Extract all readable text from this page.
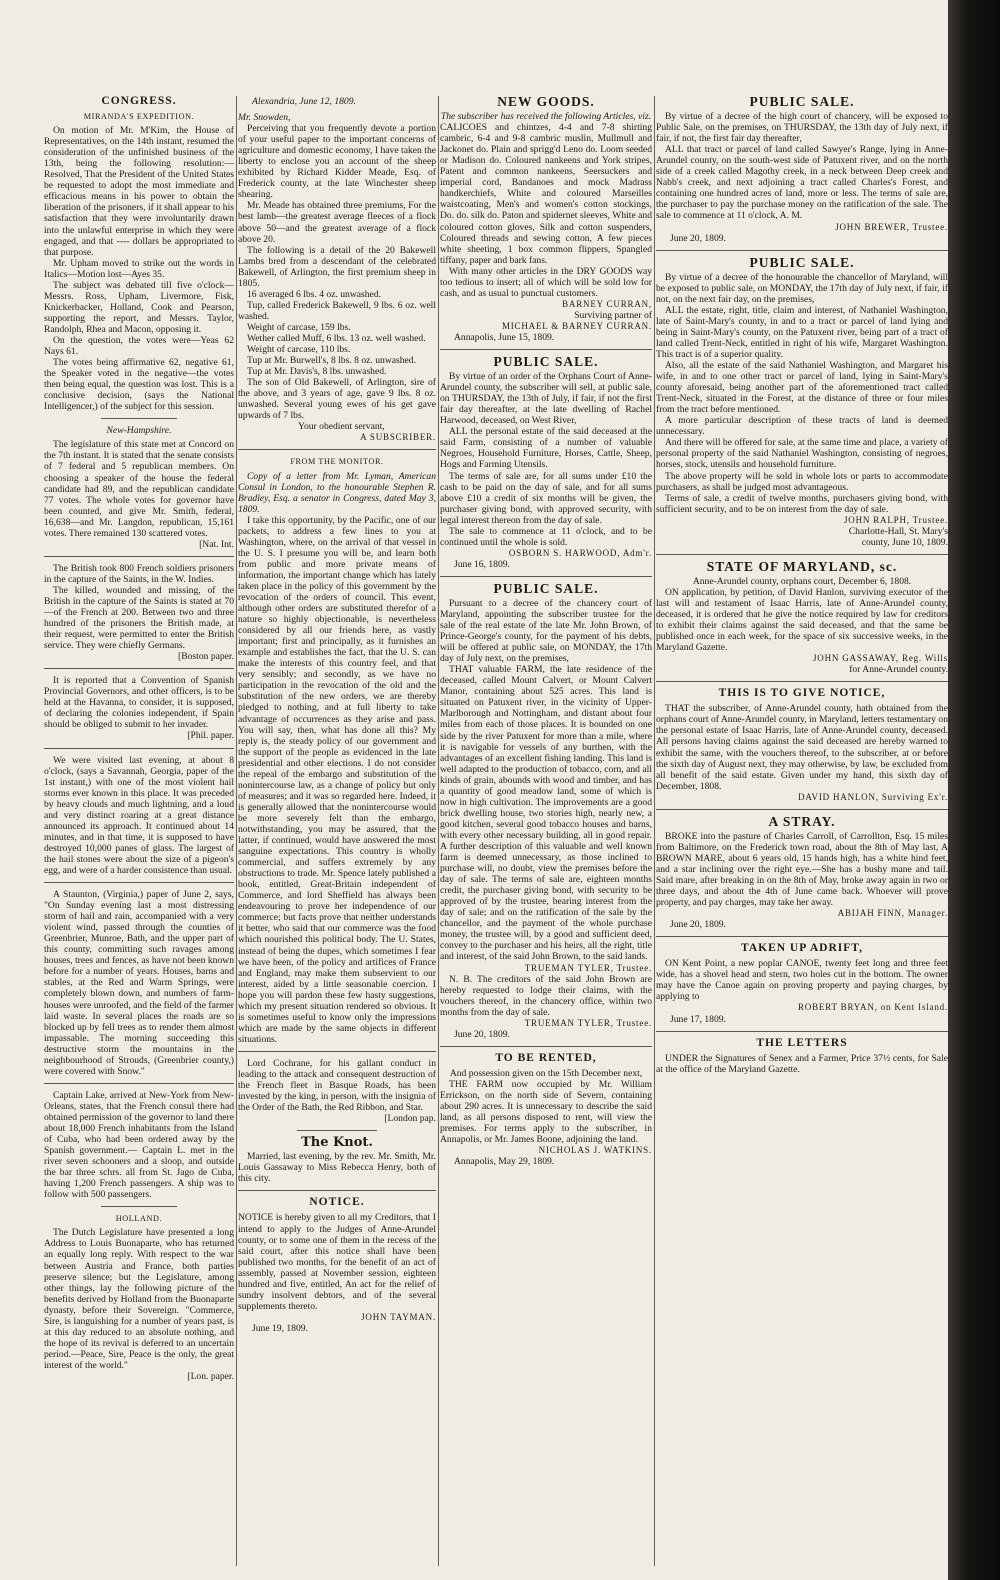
CONGRESS.
MIRANDA'S EXPEDITION.

On motion of Mr. M'Kim, the House of Representatives, on the 14th instant, resumed the consideration of the unfinished business of the 13th, being the following resolution:— Resolved, That the President of the United States be requested to adopt the most immediate and efficacious means in his power to obtain the liberation of the prisoners, if it shall appear to his satisfaction that they were involuntarily drawn into the unlawful enterprise in which they were engaged, and that ---- dollars be appropriated to that purpose.

Mr. Upham moved to strike out the words in Italics—Motion lost—Ayes 35.

The subject was debated till five o'clock—Messrs. Ross, Upham, Livermore, Fisk, Knickerbacker, Holland, Cook and Pearson, supporting the report, and Messrs. Taylor, Randolph, Rhea and Macon, opposing it.

On the question, the votes were—Yeas 62 Nays 61.

The votes being affirmative 62, negative 61, the Speaker voted in the negative—the votes then being equal, the question was lost. This is a conclusive decision, (says the National Intelligencer,) of the subject for this session.

New-Hampshire.

The legislature of this state met at Concord on the 7th instant. It is stated that the senate consists of 7 federal and 5 republican members. On choosing a speaker of the house the federal candidate had 89, and the republican candidate 77 votes. The whole votes for governor have been counted, and give Mr. Smith, federal, 16,638—and Mr. Langdon, republican, 15,161 votes. There remained 130 scattered votes.

[Nat. Int.

The British took 800 French soldiers prisoners in the capture of the Saints, in the W. Indies.

The killed, wounded and missing, of the British in the capture of the Saints is stated at 70—of the French at 200. Between two and three hundred of the prisoners the British made, at their request, were permitted to enter the British service. They were chiefly Germans.

[Boston paper.

It is reported that a Convention of Spanish Provincial Governors, and other officers, is to be held at the Havanna, to consider, it is supposed, of declaring the colonies independent, if Spain should be obliged to submit to her invader.

[Phil. paper.

We were visited last evening, at about 8 o'clock, (says a Savannah, Georgia, paper of the 1st instant,) with one of the most violent hail storms ever known in this place. It was preceded by heavy clouds and much lightning, and a loud and very distinct roaring at a great distance announced its approach. It continued about 14 minutes, and in that time, it is supposed to have destroyed 10,000 panes of glass. The largest of the hail stones were about the size of a pigeon's egg, and were of a harder consistence than usual.

A Staunton, (Virginia,) paper of June 2, says, "On Sunday evening last a most distressing storm of hail and rain, accompanied with a very violent wind, passed through the counties of Greenbrier, Munroe, Bath, and the upper part of this county, committing such ravages among houses, trees and fences, as have not been known before for a number of years. Houses, barns and stables, at the Red and Warm Springs, were completely blown down, and numbers of farm-houses were unroofed, and the field of the farmer laid waste. In several places the roads are so blocked up by fell trees as to render them almost impassable. The morning succeeding this destructive storm the mountains in the neighbourhood of Strouds, (Greenbrier county,) were covered with Snow."

Captain Lake, arrived at New-York from New-Orleans, states, that the French consul there had obtained permission of the governor to land there about 18,000 French inhabitants from the Island of Cuba, who had been ordered away by the Spanish government.— Captain L. met in the river seven schooners and a sloop, and outside the bar three schrs. all from St. Jago de Cuba, having 1,200 French passengers. A ship was to follow with 500 passengers.

HOLLAND.

The Dutch Legislature have presented a long Address to Louis Buonaparte, who has returned an equally long reply. With respect to the war between Austria and France, both parties preserve silence; but the Legislature, among other things, lay the following picture of the benefits derived by Holland from the Buonaparte dynasty, before their Sovereign. "Commerce, Sire, is languishing for a number of years past, is at this day reduced to an absolute nothing, and the hope of its revival is deferred to an uncertain period.—Peace, Sire, Peace is the only, the great interest of the world."

[Lon. paper.

Alexandria, June 12, 1809.

Mr. Snowden,

Perceiving that you frequently devote a portion of your useful paper to the important concerns of agriculture and domestic economy, I have taken the liberty to enclose you an account of the sheep exhibited by Richard Kidder Meade, Esq. of Frederick county, at the late Winchester sheep shearing.

Mr. Meade has obtained three premiums, For the best lamb—the greatest average fleeces of a flock above 50—and the greatest average of a flock above 20.

The following is a detail of the 20 Bakewell Lambs bred from a descendant of the celebrated Bakewell, of Arlington, the first premium sheep in 1805.

16 averaged 6 lbs. 4 oz. unwashed.

Tup, called Frederick Bakewell, 9 lbs. 6 oz. well washed.

Weight of carcase, 159 lbs.

Wether called Muff, 6 lbs. 13 oz. well washed.

Weight of carcase, 110 lbs.

Tup at Mr. Burwell's, 8 lbs. 8 oz. unwashed.

Tup at Mr. Davis's, 8 lbs. unwashed.

The son of Old Bakewell, of Arlington, sire of the above, and 3 years of age, gave 9 lbs. 8 oz. unwashed. Several young ewes of his get gave upwards of 7 lbs.

Your obedient servant,

A SUBSCRIBER.

FROM THE MONITOR.

Copy of a letter from Mr. Lyman, American Consul in London, to the honourable Stephen R. Bradley, Esq. a senator in Congress, dated May 3, 1809.

I take this opportunity, by the Pacific, one of our packets, to address a few lines to you at Washington, where, on the arrival of that vessel in the U. S. I presume you will be, and learn both from public and more private means of information, the important change which has lately taken place in the policy of this government by the revocation of the orders of council. This event, although other orders are substituted therefor of a nature so highly objectionable, is nevertheless considered by all our friends here, as vastly important; first and principally, as it furnishes an example and establishes the fact, that the U. S. can make the interests of this country feel, and that very sensibly; and secondly, as we have no participation in the revocation of the old and the substitution of the new orders, we are thereby pledged to nothing, and at full liberty to take advantage of occurrences as they arise and pass. You will say, then, what has done all this? My reply is, the steady policy of our government and the support of the people as evidenced in the late presidential and other elections. I do not consider the repeal of the embargo and substitution of the nonintercourse law, as a change of policy but only of measures; and it was so regarded here. Indeed, it is generally allowed that the nonintercourse would be more severely felt than the embargo, notwithstanding, you may be assured, that the latter, if continued, would have answered the most sanguine expectations. This country is wholly commercial, and suffers extremely by any obstructions to trade. Mr. Spence lately published a book, entitled, Great-Britain independent of Commerce, and lord Sheffield has always been endeavouring to prove her independence of our commerce; but facts prove that neither understands it better, who said that our commerce was the food which nourished this political body. The U. States, instead of being the dupes, which sometimes I fear we have been, of the policy and artifices of France and England, may make them subservient to our interest, aided by a little seasonable coercion. I hope you will pardon these few hasty suggestions, which my present situation rendered so obvious. It is sometimes useful to know only the impressions which are made by the same objects in different situations.

Lord Cochrane, for his gallant conduct in leading to the attack and consequent destruction of the French fleet in Basque Roads, has been invested by the king, in person, with the insignia of the Order of the Bath, the Red Ribbon, and Star.

[London pap.

The Knot.

Married, last evening, by the rev. Mr. Smith, Mr. Louis Gassaway to Miss Rebecca Henry, both of this city.

NOTICE.

NOTICE is hereby given to all my Creditors, that I intend to apply to the Judges of Anne-Arundel county, or to some one of them in the recess of the said court, after this notice shall have been published two months, for the benefit of an act of assembly, passed at November session, eighteen hundred and five, entitled, An act for the relief of sundry insolvent debtors, and of the several supplements thereto.

JOHN TAYMAN.

June 19, 1809.

NEW GOODS.

The subscriber has received the following Articles, viz.

CALICOES and chintzes, 4-4 and 7-8 shirting cambric, 6-4 and 9-8 cambric muslin, Mullmull and Jackonet do. Plain and sprigg'd Leno do. Loom seeded or Madison do. Coloured nankeens and York stripes, Patent and common nankeens, Seersuckers and imperial cord, Bandanoes and mock Madrass handkerchiefs, White and coloured Marseilles waistcoating, Men's and women's cotton stockings, Do. do. silk do. Paton and spidernet sleeves, White and coloured cotton gloves, Silk and cotton suspenders, Coloured threads and sewing cotton, A few pieces white sheeting, 1 box common flippers, Spangled tiffany, paper and bark fans.

With many other articles in the DRY GOODS way too tedious to insert; all of which will be sold low for cash, and as usual to punctual customers.

BARNEY CURRAN,

Surviving partner of

MICHAEL & BARNEY CURRAN.

Annapolis, June 15, 1809.

PUBLIC SALE.

By virtue of an order of the Orphans Court of Anne-Arundel county, the subscriber will sell, at public sale, on THURSDAY, the 13th of July, if fair, if not the first fair day thereafter, at the late dwelling of Rachel Harwood, deceased, on West River,

ALL the personal estate of the said deceased at the said Farm, consisting of a number of valuable Negroes, Household Furniture, Horses, Cattle, Sheep, Hogs and Farming Utensils.

The terms of sale are, for all sums under £10 the cash to be paid on the day of sale, and for all sums above £10 a credit of six months will be given, the purchaser giving bond, with approved security, with legal interest thereon from the day of sale.

The sale to commence at 11 o'clock, and to be continued until the whole is sold.

OSBORN S. HARWOOD, Adm'r.

June 16, 1809.

PUBLIC SALE.

Pursuant to a decree of the chancery court of Maryland, appointing the subscriber trustee for the sale of the real estate of the late Mr. John Brown, of Prince-George's county, for the payment of his debts, will be offered at public sale, on MONDAY, the 17th day of July next, on the premises,

THAT valuable FARM, the late residence of the deceased, called Mount Calvert, or Mount Calvert Manor, containing about 525 acres. This land is situated on Patuxent river, in the vicinity of Upper-Marlborough and Nottingham, and distant about four miles from each of those places. It is bounded on one side by the river Patuxent for more than a mile, where it is navigable for vessels of any burthen, with the advantages of an excellent fishing landing. This land is well adapted to the production of tobacco, corn, and all kinds of grain, abounds with wood and timber, and has a quantity of good meadow land, some of which is now in high cultivation. The improvements are a good brick dwelling house, two stories high, nearly new, a good kitchen, several good tobacco houses and barns, with every other necessary building, all in good repair. A further description of this valuable and well known farm is deemed unnecessary, as those inclined to purchase will, no doubt, view the premises before the day of sale. The terms of sale are, eighteen months credit, the purchaser giving bond, with security to be approved of by the trustee, bearing interest from the day of sale; and on the ratification of the sale by the chancellor, and the payment of the whole purchase money, the trustee will, by a good and sufficient deed, convey to the purchaser and his heirs, all the right, title and interest, of the said John Brown, to the said lands.

TRUEMAN TYLER, Trustee.

N. B. The creditors of the said John Brown are hereby requested to lodge their claims, with the vouchers thereof, in the chancery office, within two months from the day of sale.

TRUEMAN TYLER, Trustee.

June 20, 1809.

TO BE RENTED,

And possession given on the 15th December next,

THE FARM now occupied by Mr. William Errickson, on the north side of Severn, containing about 290 acres. It is unnecessary to describe the said land, as all persons disposed to rent, will view the premises. For terms apply to the subscriber, in Annapolis, or Mr. James Boone, adjoining the land.

NICHOLAS J. WATKINS.

Annapolis, May 29, 1809.

PUBLIC SALE.

By virtue of a decree of the high court of chancery, will be exposed to Public Sale, on the premises, on THURSDAY, the 13th day of July next, if fair, if not, the first fair day thereafter,

ALL that tract or parcel of land called Sawyer's Range, lying in Anne-Arundel county, on the south-west side of Patuxent river, and on the north side of a creek called Magothy creek, in a neck between Deep creek and Nabb's creek, and next adjoining a tract called Charles's Forest, and containing one hundred acres of land, more or less. The terms of sale are, the purchaser to pay the purchase money on the ratification of the sale. The sale to commence at 11 o'clock, A. M.

JOHN BREWER, Trustee.

June 20, 1809.

PUBLIC SALE.

By virtue of a decree of the honourable the chancellor of Maryland, will be exposed to public sale, on MONDAY, the 17th day of July next, if fair, if not, on the next fair day, on the premises,

ALL the estate, right, title, claim and interest, of Nathaniel Washington, late of Saint-Mary's county, in and to a tract or parcel of land lying and being in Saint-Mary's county, on the Patuxent river, being part of a tract of land called Trent-Neck, entitled in right of his wife, Margaret Washington. This tract is of a superior quality.

Also, all the estate of the said Nathaniel Washington, and Margaret his wife, in and to one other tract or parcel of land, lying in Saint-Mary's county aforesaid, being another part of the aforementioned tract called Trent-Neck, situated in the Forest, at the distance of three or four miles from the tract before mentioned.

A more particular description of these tracts of land is deemed unnecessary.

And there will be offered for sale, at the same time and place, a variety of personal property of the said Nathaniel Washington, consisting of negroes, horses, stock, utensils and household furniture.

The above property will be sold in whole lots or parts to accommodate purchasers, as shall be judged most advantageous.

Terms of sale, a credit of twelve months, purchasers giving bond, with sufficient security, and to be on interest from the day of sale.

JOHN RALPH, Trustee.

Charlotte-Hall, St. Mary's

county, June 10, 1809.

STATE OF MARYLAND, sc.

Anne-Arundel county, orphans court, December 6, 1808.

ON application, by petition, of David Hanlon, surviving executor of the last will and testament of Isaac Harris, late of Anne-Arundel county, deceased, it is ordered that he give the notice required by law for creditors to exhibit their claims against the said deceased, and that the same be published once in each week, for the space of six successive weeks, in the Maryland Gazette.

JOHN GASSAWAY, Reg. Wills

for Anne-Arundel county.

THIS IS TO GIVE NOTICE,

THAT the subscriber, of Anne-Arundel county, hath obtained from the orphans court of Anne-Arundel county, in Maryland, letters testamentary on the personal estate of Isaac Harris, late of Anne-Arundel county, deceased. All persons having claims against the said deceased are hereby warned to exhibit the same, with the vouchers thereof, to the subscriber, at or before the sixth day of August next, they may otherwise, by law, be excluded from all benefit of the said estate. Given under my hand, this sixth day of December, 1808.

DAVID HANLON, Surviving Ex'r.

A STRAY.

BROKE into the pasture of Charles Carroll, of Carrollton, Esq. 15 miles from Baltimore, on the Frederick town road, about the 8th of May last, A BROWN MARE, about 6 years old, 15 hands high, has a white hind feet, and a star inclining over the right eye.—She has a bushy mane and tail. Said mare, after breaking in on the 8th of May, broke away again in two or three days, and about the 4th of June came back. Whoever will prove property, and pay charges, may take her away.

ABIJAH FINN, Manager.

June 20, 1809.

TAKEN UP ADRIFT,

ON Kent Point, a new poplar CANOE, twenty feet long and three feet wide, has a shovel head and stern, two holes cut in the bottom. The owner may have the Canoe again on proving property and paying charges, by applying to

ROBERT BRYAN, on Kent Island.

June 17, 1809.

THE LETTERS

UNDER the Signatures of Senex and a Farmer, Price 37½ cents, for Sale at the office of the Maryland Gazette.
